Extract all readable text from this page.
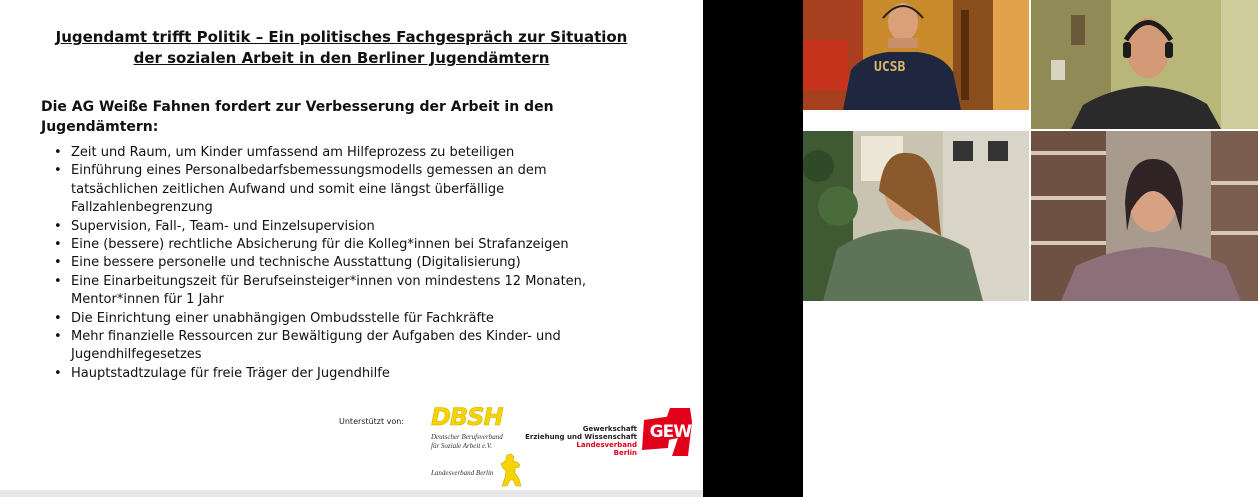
Jugendamt trifft Politik – Ein politisches Fachgespräch zur Situation
der sozialen Arbeit in den Berliner Jugendämtern
Die AG Weiße Fahnen fordert zur Verbesserung der Arbeit in den
Jugendämtern:
• Zeit und Raum, um Kinder umfassend am Hilfeprozess zu beteiligen
• Einführung eines Personalbedarfsbemessungsmodells gemessen an dem
tatsächlichen zeitlichen Aufwand und somit eine längst überfällige
Fallzahlenbegrenzung
• Supervision, Fall-, Team- und Einzelsupervision
• Eine (bessere) rechtliche Absicherung für die Kolleg*innen bei Strafanzeigen
• Eine bessere personelle und technische Ausstattung (Digitalisierung)
• Eine Einarbeitungszeit für Berufseinsteiger*innen von mindestens 12 Monaten,
Mentor*innen für 1 Jahr
• Die Einrichtung einer unabhängigen Ombudsstelle für Fachkräfte
• Mehr finanzielle Ressourcen zur Bewältigung der Aufgaben des Kinder- und
Jugendhilfegesetzes
• Hauptstadtzulage für freie Träger der Jugendhilfe
Unterstützt von: DBSH
Deutscher Berufsverband
für Soziale Arbeit e.V.
Landesverband Berlin
Gewerkschaft
Erziehung und Wissenschaft
Landesverband
Berlin
GEW
UCSB
